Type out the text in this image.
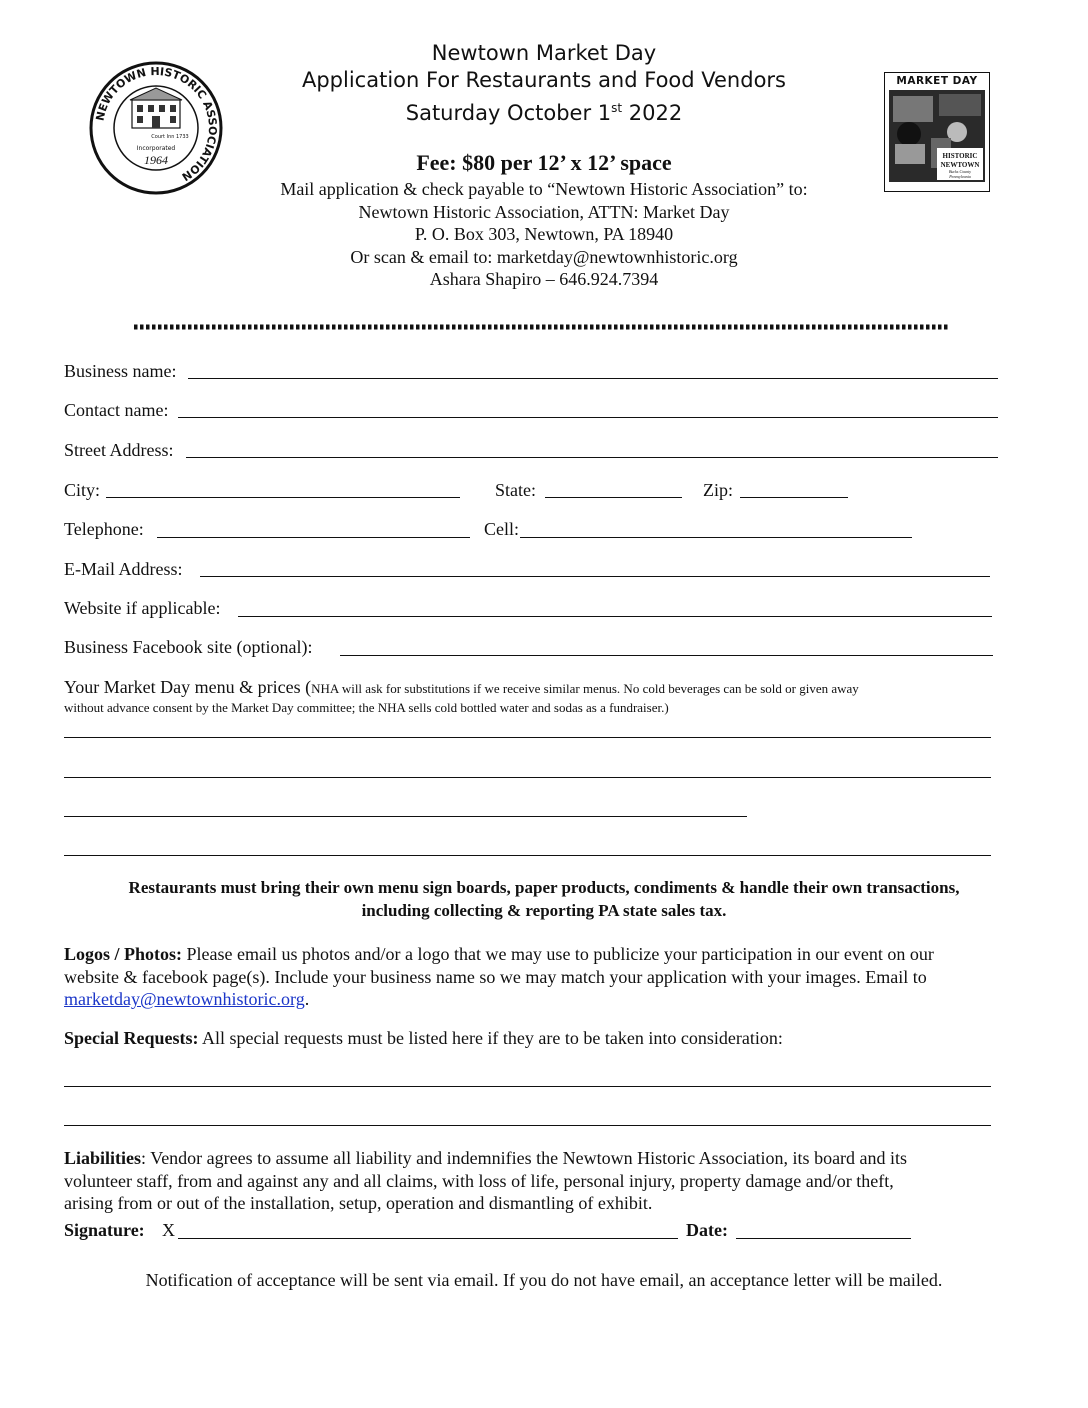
NEWTOWN HISTORIC ASSOCIATION
Court Inn 1733
Incorporated
1964
MARKET DAY
HISTORIC
NEWTOWN
Bucks County
Pennsylvania
Newtown Market Day
Application For Restaurants and Food Vendors
Saturday October 1st 2022
Fee: $80 per 12’ x 12’ space
Mail application & check payable to “Newtown Historic Association” to:
Newtown Historic Association, ATTN: Market Day
P. O. Box 303, Newtown, PA 18940
Or scan & email to: marketday@newtownhistoric.org
Ashara Shapiro – 646.924.7394
Business name:
Contact name:
Street Address:
City:	State:	Zip:
Telephone:	Cell:
E-Mail Address:
Website if applicable:
Business Facebook site (optional):
Your Market Day menu & prices (NHA will ask for substitutions if we receive similar menus. No cold beverages can be sold or given away
without advance consent by the Market Day committee; the NHA sells cold bottled water and sodas as a fundraiser.)
Restaurants must bring their own menu sign boards, paper products, condiments & handle their own transactions,
including collecting & reporting PA state sales tax.
Logos / Photos: Please email us photos and/or a logo that we may use to publicize your participation in our event on our
website & facebook page(s). Include your business name so we may match your application with your images. Email to
marketday@newtownhistoric.org.
Special Requests: All special requests must be listed here if they are to be taken into consideration:
Liabilities: Vendor agrees to assume all liability and indemnifies the Newtown Historic Association, its board and its
volunteer staff, from and against any and all claims, with loss of life, personal injury, property damage and/or theft,
arising from or out of the installation, setup, operation and dismantling of exhibit.
Signature: X	Date:
Notification of acceptance will be sent via email. If you do not have email, an acceptance letter will be mailed.
